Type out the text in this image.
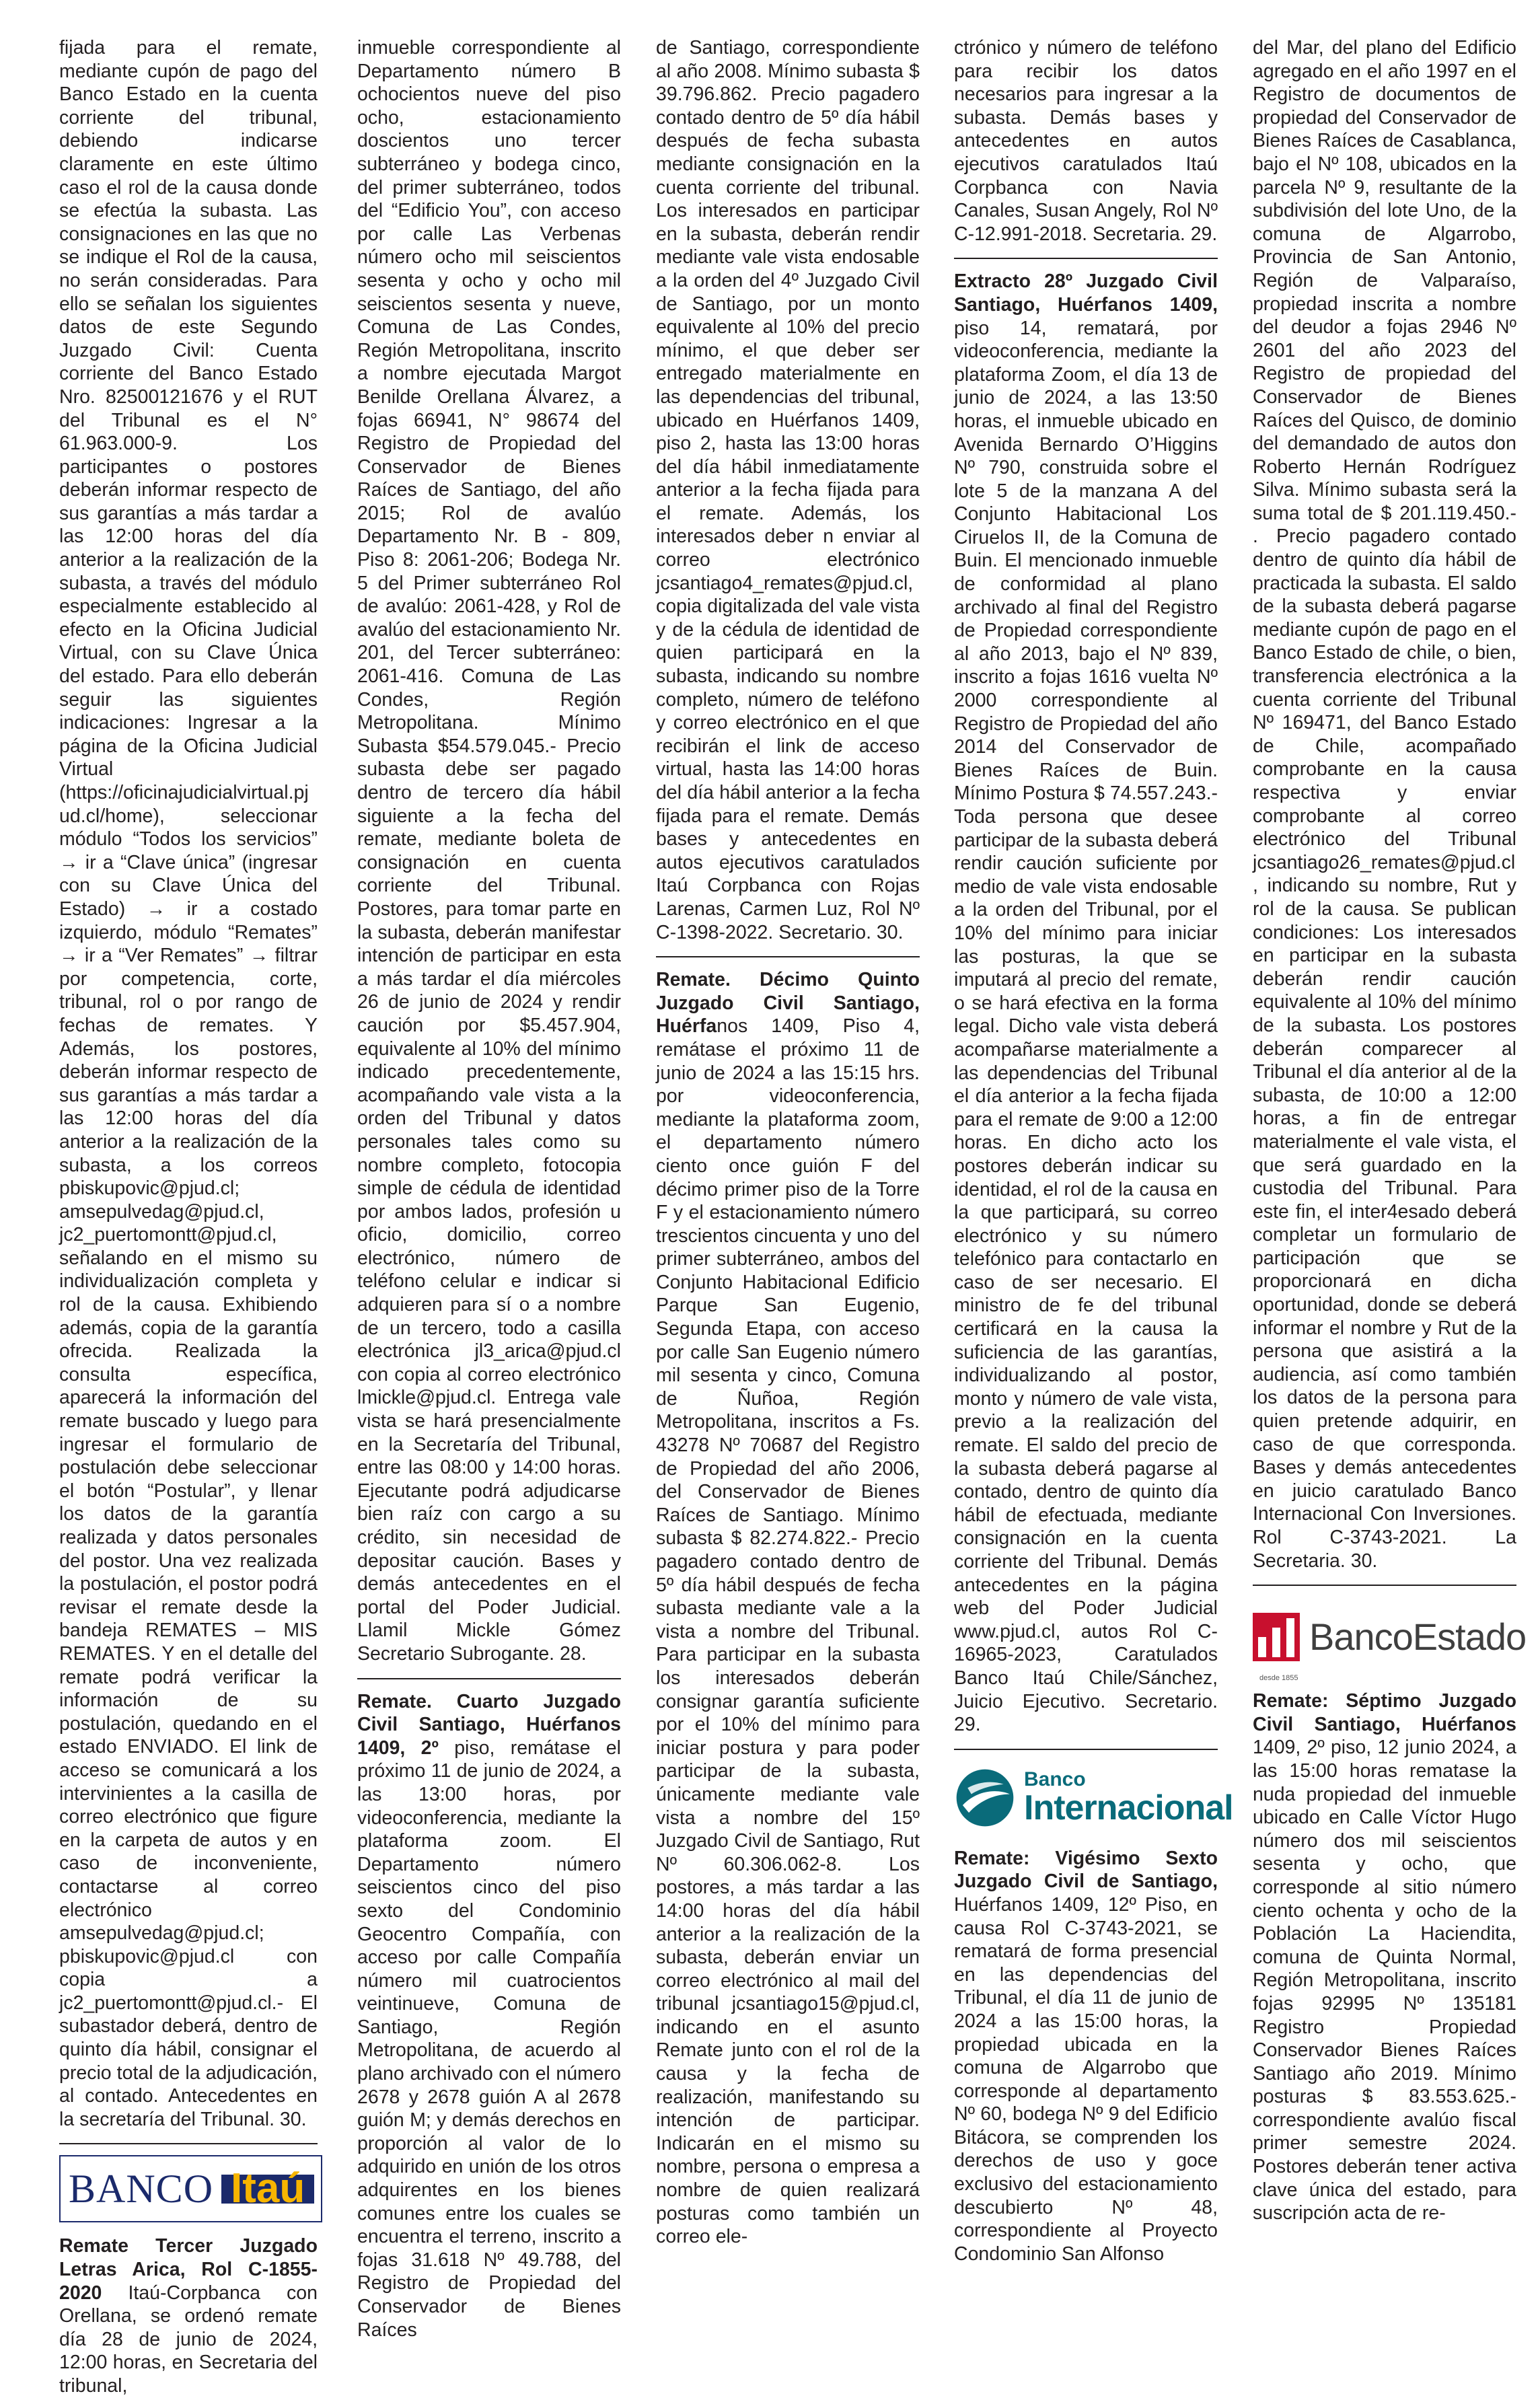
fijada para el remate, mediante cupón de pago del Banco Estado en la cuenta corriente del tribunal, debiendo indicarse claramente en este último caso el rol de la causa donde se efectúa la subasta. Las consignaciones en las que no se indique el Rol de la causa, no serán consideradas. Para ello se señalan los siguientes datos de este Segundo Juzgado Civil: Cuenta corriente del Banco Estado Nro. 82500121676 y el RUT del Tribunal es el N° 61.963.000-9. Los participantes o postores deberán informar respecto de sus garantías a más tardar a las 12:00 horas del día anterior a la realización de la subasta, a través del módulo especialmente establecido al efecto en la Oficina Judicial Virtual, con su Clave Única del estado. Para ello deberán seguir las siguientes indicaciones: Ingresar a la página de la Oficina Judicial Virtual (https://oficinajudicialvirtual.pjud.cl/home), seleccionar módulo “Todos los servicios” → ir a “Clave única” (ingresar con su Clave Única del Estado) → ir a costado izquierdo, módulo “Remates” → ir a “Ver Remates” → filtrar por competencia, corte, tribunal, rol o por rango de fechas de remates. Y Además, los postores, deberán informar respecto de sus garantías a más tardar a las 12:00 horas del día anterior a la realización de la subasta, a los correos pbiskupovic@pjud.cl; amsepulvedag@pjud.cl, jc2_puertomontt@pjud.cl, señalando en el mismo su individualización completa y rol de la causa. Exhibiendo además, copia de la garantía ofrecida. Realizada la consulta específica, aparecerá la información del remate buscado y luego para ingresar el formulario de postulación debe seleccionar el botón “Postular”, y llenar los datos de la garantía realizada y datos personales del postor. Una vez realizada la postulación, el postor podrá revisar el remate desde la bandeja REMATES – MIS REMATES. Y en el detalle del remate podrá verificar la información de su postulación, quedando en el estado ENVIADO. El link de acceso se comunicará a los intervinientes a la casilla de correo electrónico que figure en la carpeta de autos y en caso de inconveniente, contactarse al correo electrónico amsepulvedag@pjud.cl; pbiskupovic@pjud.cl con copia a jc2_puertomontt@pjud.cl.- El subastador deberá, dentro de quinto día hábil, consignar el precio total de la adjudicación, al contado. Antecedentes en la secretaría del Tribunal. 30.

BANCO Itaú

Remate Tercer Juzgado Letras Arica, Rol C-1855-2020 Itaú-Corpbanca con Orellana, se ordenó remate día 28 de junio de 2024, 12:00 horas, en Secretaria del tribunal,

inmueble correspondiente al Departamento número B ochocientos nueve del piso ocho, estacionamiento doscientos uno tercer subterráneo y bodega cinco, del primer subterráneo, todos del “Edificio You”, con acceso por calle Las Verbenas número ocho mil seiscientos sesenta y ocho y ocho mil seiscientos sesenta y nueve, Comuna de Las Condes, Región Metropolitana, inscrito a nombre ejecutada Margot Benilde Orellana Álvarez, a fojas 66941, N° 98674 del Registro de Propiedad del Conservador de Bienes Raíces de Santiago, del año 2015; Rol de avalúo Departamento Nr. B - 809, Piso 8: 2061-206; Bodega Nr. 5 del Primer subterráneo Rol de avalúo: 2061-428, y Rol de avalúo del estacionamiento Nr. 201, del Tercer subterráneo: 2061-416. Comuna de Las Condes, Región Metropolitana. Mínimo Subasta $54.579.045.- Precio subasta debe ser pagado dentro de tercero día hábil siguiente a la fecha del remate, mediante boleta de consignación en cuenta corriente del Tribunal. Postores, para tomar parte en la subasta, deberán manifestar intención de participar en esta a más tardar el día miércoles 26 de junio de 2024 y rendir caución por $5.457.904, equivalente al 10% del mínimo indicado precedentemente, acompañando vale vista a la orden del Tribunal y datos personales tales como su nombre completo, fotocopia simple de cédula de identidad por ambos lados, profesión u oficio, domicilio, correo electrónico, número de teléfono celular e indicar si adquieren para sí o a nombre de un tercero, todo a casilla electrónica jl3_arica@pjud.cl con copia al correo electrónico lmickle@pjud.cl. Entrega vale vista se hará presencialmente en la Secretaría del Tribunal, entre las 08:00 y 14:00 horas. Ejecutante podrá adjudicarse bien raíz con cargo a su crédito, sin necesidad de depositar caución. Bases y demás antecedentes en el portal del Poder Judicial. Llamil Mickle Gómez Secretario Subrogante. 28.

Remate. Cuarto Juzgado Civil Santiago, Huérfanos 1409, 2º piso, remátase el próximo 11 de junio de 2024, a las 13:00 horas, por videoconferencia, mediante la plataforma zoom. El Departamento número seiscientos cinco del piso sexto del Condominio Geocentro Compañía, con acceso por calle Compañía número mil cuatrocientos veintinueve, Comuna de Santiago, Región Metropolitana, de acuerdo al plano archivado con el número 2678 y 2678 guión A al 2678 guión M; y demás derechos en proporción al valor de lo adquirido en unión de los otros adquirentes en los bienes comunes entre los cuales se encuentra el terreno, inscrito a fojas 31.618 Nº 49.788, del Registro de Propiedad del Conservador de Bienes Raíces

de Santiago, correspondiente al año 2008. Mínimo subasta $ 39.796.862. Precio pagadero contado dentro de 5º día hábil después de fecha subasta mediante consignación en la cuenta corriente del tribunal. Los interesados en participar en la subasta, deberán rendir mediante vale vista endosable a la orden del 4º Juzgado Civil de Santiago, por un monto equivalente al 10% del precio mínimo, el que deber ser entregado materialmente en las dependencias del tribunal, ubicado en Huérfanos 1409, piso 2, hasta las 13:00 horas del día hábil inmediatamente anterior a la fecha fijada para el remate. Además, los interesados deber n enviar al correo electrónico jcsantiago4_remates@pjud.cl, copia digitalizada del vale vista y de la cédula de identidad de quien participará en la subasta, indicando su nombre completo, número de teléfono y correo electrónico en el que recibirán el link de acceso virtual, hasta las 14:00 horas del día hábil anterior a la fecha fijada para el remate. Demás bases y antecedentes en autos ejecutivos caratulados Itaú Corpbanca con Rojas Larenas, Carmen Luz, Rol Nº C-1398-2022. Secretario. 30.

Remate. Décimo Quinto Juzgado Civil Santiago, Huérfanos 1409, Piso 4, remátase el próximo 11 de junio de 2024 a las 15:15 hrs. por videoconferencia, mediante la plataforma zoom, el departamento número ciento once guión F del décimo primer piso de la Torre F y el estacionamiento número trescientos cincuenta y uno del primer subterráneo, ambos del Conjunto Habitacional Edificio Parque San Eugenio, Segunda Etapa, con acceso por calle San Eugenio número mil sesenta y cinco, Comuna de Ñuñoa, Región Metropolitana, inscritos a Fs. 43278 Nº 70687 del Registro de Propiedad del año 2006, del Conservador de Bienes Raíces de Santiago. Mínimo subasta $ 82.274.822.- Precio pagadero contado dentro de 5º día hábil después de fecha subasta mediante vale a la vista a nombre del Tribunal. Para participar en la subasta los interesados deberán consignar garantía suficiente por el 10% del mínimo para iniciar postura y para poder participar de la subasta, únicamente mediante vale vista a nombre del 15º Juzgado Civil de Santiago, Rut Nº 60.306.062-8. Los postores, a más tardar a las 14:00 horas del día hábil anterior a la realización de la subasta, deberán enviar un correo electrónico al mail del tribunal jcsantiago15@pjud.cl, indicando en el asunto Remate junto con el rol de la causa y la fecha de realización, manifestando su intención de participar. Indicarán en el mismo su nombre, persona o empresa a nombre de quien realizará posturas como también un correo ele-

ctrónico y número de teléfono para recibir los datos necesarios para ingresar a la subasta. Demás bases y antecedentes en autos ejecutivos caratulados Itaú Corpbanca con Navia Canales, Susan Angely, Rol Nº C-12.991-2018. Secretaria. 29.

Extracto 28º Juzgado Civil Santiago, Huérfanos 1409, piso 14, rematará, por videoconferencia, mediante la plataforma Zoom, el día 13 de junio de 2024, a las 13:50 horas, el inmueble ubicado en Avenida Bernardo O’Higgins Nº 790, construida sobre el lote 5 de la manzana A del Conjunto Habitacional Los Ciruelos II, de la Comuna de Buin. El mencionado inmueble de conformidad al plano archivado al final del Registro de Propiedad correspondiente al año 2013, bajo el Nº 839, inscrito a fojas 1616 vuelta Nº 2000 correspondiente al Registro de Propiedad del año 2014 del Conservador de Bienes Raíces de Buin. Mínimo Postura $ 74.557.243.- Toda persona que desee participar de la subasta deberá rendir caución suficiente por medio de vale vista endosable a la orden del Tribunal, por el 10% del mínimo para iniciar las posturas, la que se imputará al precio del remate, o se hará efectiva en la forma legal. Dicho vale vista deberá acompañarse materialmente a las dependencias del Tribunal el día anterior a la fecha fijada para el remate de 9:00 a 12:00 horas. En dicho acto los postores deberán indicar su identidad, el rol de la causa en la que participará, su correo electrónico y su número telefónico para contactarlo en caso de ser necesario. El ministro de fe del tribunal certificará en la causa la suficiencia de las garantías, individualizando al postor, monto y número de vale vista, previo a la realización del remate. El saldo del precio de la subasta deberá pagarse al contado, dentro de quinto día hábil de efectuada, mediante consignación en la cuenta corriente del Tribunal. Demás antecedentes en la página web del Poder Judicial www.pjud.cl, autos Rol C-16965-2023, Caratulados Banco Itaú Chile/Sánchez, Juicio Ejecutivo. Secretario. 29.

Banco
Internacional

Remate: Vigésimo Sexto Juzgado Civil de Santiago, Huérfanos 1409, 12º Piso, en causa Rol C-3743-2021, se rematará de forma presencial en las dependencias del Tribunal, el día 11 de junio de 2024 a las 15:00 horas, la propiedad ubicada en la comuna de Algarrobo que corresponde al departamento Nº 60, bodega Nº 9 del Edificio Bitácora, se comprenden los derechos de uso y goce exclusivo del estacionamiento descubierto Nº 48, correspondiente al Proyecto Condominio San Alfonso

del Mar, del plano del Edificio agregado en el año 1997 en el Registro de documentos de propiedad del Conservador de Bienes Raíces de Casablanca, bajo el Nº 108, ubicados en la parcela Nº 9, resultante de la subdivisión del lote Uno, de la comuna de Algarrobo, Provincia de San Antonio, Región de Valparaíso, propiedad inscrita a nombre del deudor a fojas 2946 Nº 2601 del año 2023 del Registro de propiedad del Conservador de Bienes Raíces del Quisco, de dominio del demandado de autos don Roberto Hernán Rodríguez Silva. Mínimo subasta será la suma total de $ 201.119.450.- . Precio pagadero contado dentro de quinto día hábil de practicada la subasta. El saldo de la subasta deberá pagarse mediante cupón de pago en el Banco Estado de chile, o bien, transferencia electrónica a la cuenta corriente del Tribunal Nº 169471, del Banco Estado de Chile, acompañado comprobante en la causa respectiva y enviar comprobante al correo electrónico del Tribunal jcsantiago26_remates@pjud.cl, indicando su nombre, Rut y rol de la causa. Se publican condiciones: Los interesados en participar en la subasta deberán rendir caución equivalente al 10% del mínimo de la subasta. Los postores deberán comparecer al Tribunal el día anterior al de la subasta, de 10:00 a 12:00 horas, a fin de entregar materialmente el vale vista, el que será guardado en la custodia del Tribunal. Para este fin, el inter4esado deberá completar un formulario de participación que se proporcionará en dicha oportunidad, donde se deberá informar el nombre y Rut de la persona que asistirá a la audiencia, así como también los datos de la persona para quien pretende adquirir, en caso de que corresponda. Bases y demás antecedentes en juicio caratulado Banco Internacional Con Inversiones. Rol C-3743-2021. La Secretaria. 30.

desde 1855
BancoEstado

Remate: Séptimo Juzgado Civil Santiago, Huérfanos 1409, 2º piso, 12 junio 2024, a las 15:00 horas rematase la nuda propiedad del inmueble ubicado en Calle Víctor Hugo número dos mil seiscientos sesenta y ocho, que corresponde al sitio número ciento ochenta y ocho de la Población La Haciendita, comuna de Quinta Normal, Región Metropolitana, inscrito fojas 92995 Nº 135181 Registro Propiedad Conservador Bienes Raíces Santiago año 2019. Mínimo posturas $ 83.553.625.- correspondiente avalúo fiscal primer semestre 2024. Postores deberán tener activa clave única del estado, para suscripción acta de re-
